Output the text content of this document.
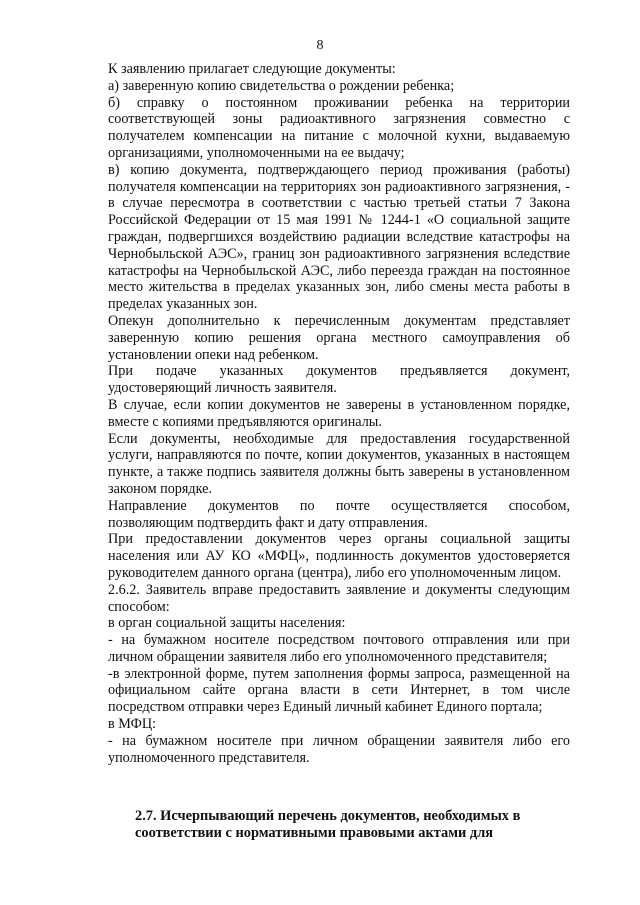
8

К заявлению прилагает следующие документы:

а) заверенную копию свидетельства о рождении ребенка;

б) справку о постоянном проживании ребенка на территории соответствующей зоны радиоактивного загрязнения совместно с получателем компенсации на питание с молочной кухни, выдаваемую организациями, уполномоченными на ее выдачу;

в) копию документа, подтверждающего период проживания (работы) получателя компенсации на территориях зон радиоактивного загрязнения, - в случае пересмотра в соответствии с частью третьей статьи 7 Закона Российской Федерации от 15 мая 1991 № 1244-1 «О социальной защите граждан, подвергшихся воздействию радиации вследствие катастрофы на Чернобыльской АЭС», границ зон радиоактивного загрязнения вследствие катастрофы на Чернобыльской АЭС, либо переезда граждан на постоянное место жительства в пределах указанных зон, либо смены места работы в пределах указанных зон.

Опекун дополнительно к перечисленным документам представляет заверенную копию решения органа местного самоуправления об установлении опеки над ребенком.

При подаче указанных документов предъявляется документ, удостоверяющий личность заявителя.

В случае, если копии документов не заверены в установленном порядке, вместе с копиями предъявляются оригиналы.

Если документы, необходимые для предоставления государственной услуги, направляются по почте, копии документов, указанных в настоящем пункте, а также подпись заявителя должны быть заверены в установленном законом порядке.

Направление документов по почте осуществляется способом, позволяющим подтвердить факт и дату отправления.

При предоставлении документов через органы социальной защиты населения или АУ КО «МФЦ», подлинность документов удостоверяется руководителем данного органа (центра), либо его уполномоченным лицом.

2.6.2. Заявитель вправе предоставить заявление и документы следующим способом:

в орган социальной защиты населения:

- на бумажном носителе посредством почтового отправления или при личном обращении заявителя либо его уполномоченного представителя;

-в электронной форме, путем заполнения формы запроса, размещенной на официальном сайте органа власти в сети Интернет, в том числе посредством отправки через Единый личный кабинет Единого портала;

в МФЦ:

- на бумажном носителе при личном обращении заявителя либо его уполномоченного представителя.

2.7. Исчерпывающий перечень документов, необходимых в
соответствии с нормативными правовыми актами для
